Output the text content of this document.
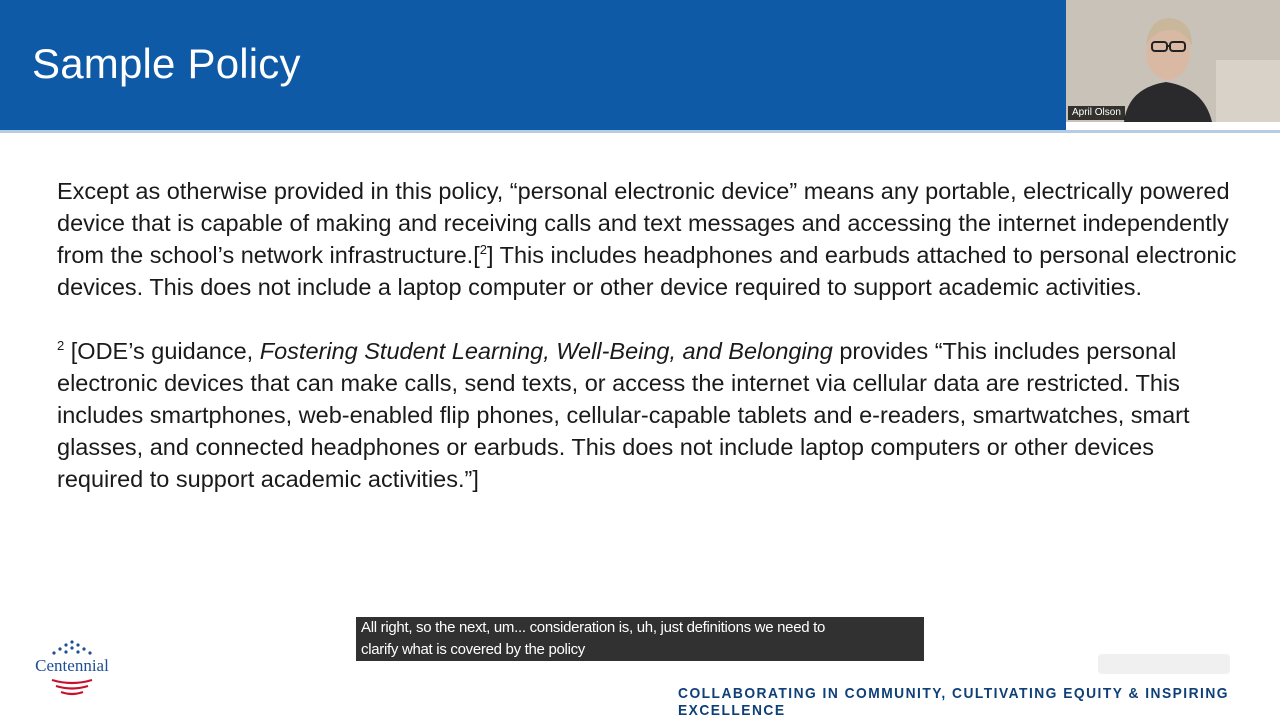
Sample Policy
April Olson

Except as otherwise provided in this policy, “personal electronic device” means any portable, electrically powered device that is capable of making and receiving calls and text messages and accessing the internet independently from the school’s network infrastructure.[$^2$] This includes headphones and earbuds attached to personal electronic devices. This does not include a laptop computer or other device required to support academic activities.

$^2$ [ODE’s guidance, Fostering Student Learning, Well-Being, and Belonging provides “This includes personal electronic devices that can make calls, send texts, or access the internet via cellular data are restricted. This includes smartphones, web-enabled flip phones, cellular-capable tablets and e-readers, smartwatches, smart glasses, and connected headphones or earbuds. This does not include laptop computers or other devices required to support academic activities.”]

All right, so the next, um... consideration is, uh, just definitions we need to
clarify what is covered by the policy
Centennial
COLLABORATING IN COMMUNITY, CULTIVATING EQUITY & INSPIRING EXCELLENCE
